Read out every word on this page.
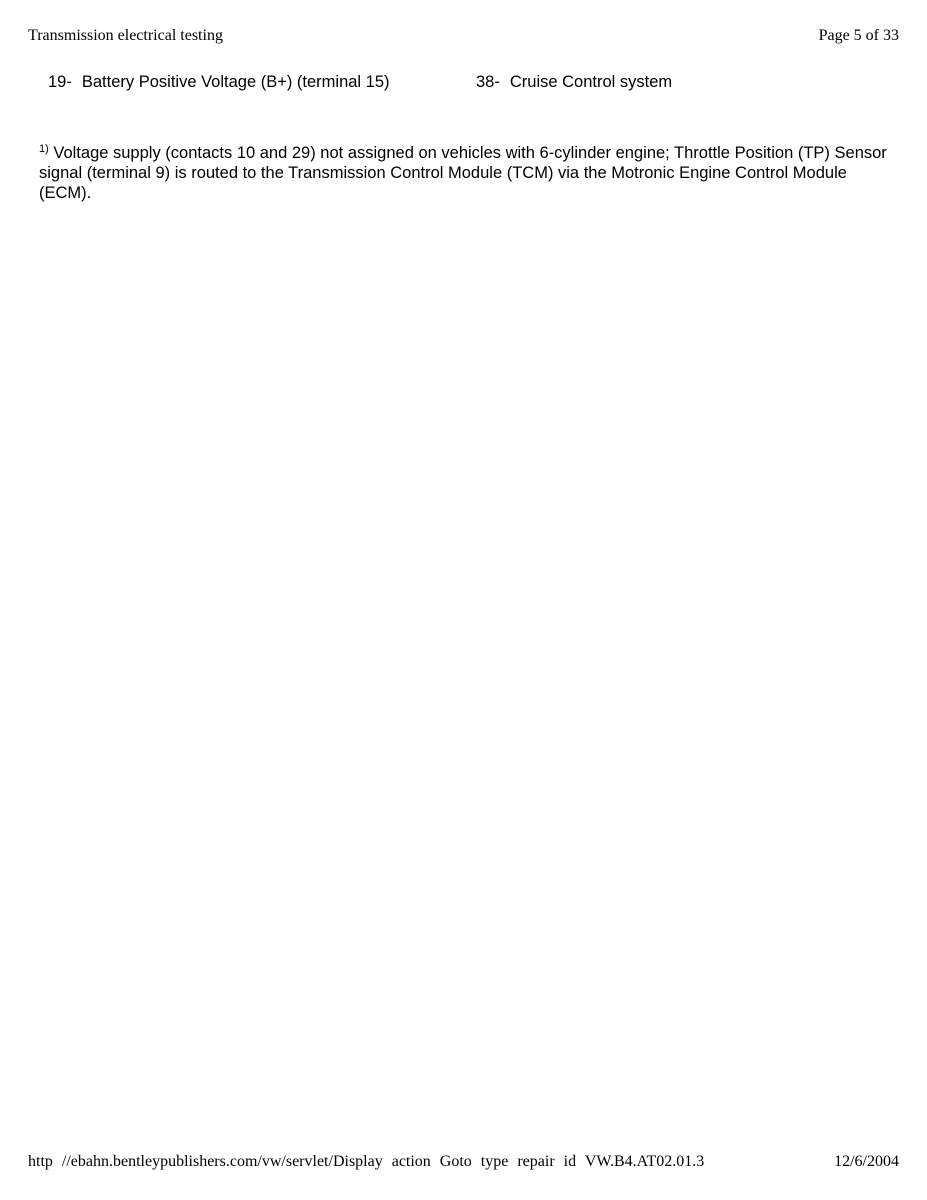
Transmission electrical testing	Page 5 of 33
19- Battery Positive Voltage (B+) (terminal 15)	38- Cruise Control system
$^{1)}$ Voltage supply (contacts 10 and 29) not assigned on vehicles with 6-cylinder engine; Throttle Position (TP) Sensor signal (terminal 9) is routed to the Transmission Control Module (TCM) via the Motronic Engine Control Module (ECM).
http //ebahn.bentleypublishers.com/vw/servlet/Display action Goto type repair id VW.B4.AT02.01.3	12/6/2004
